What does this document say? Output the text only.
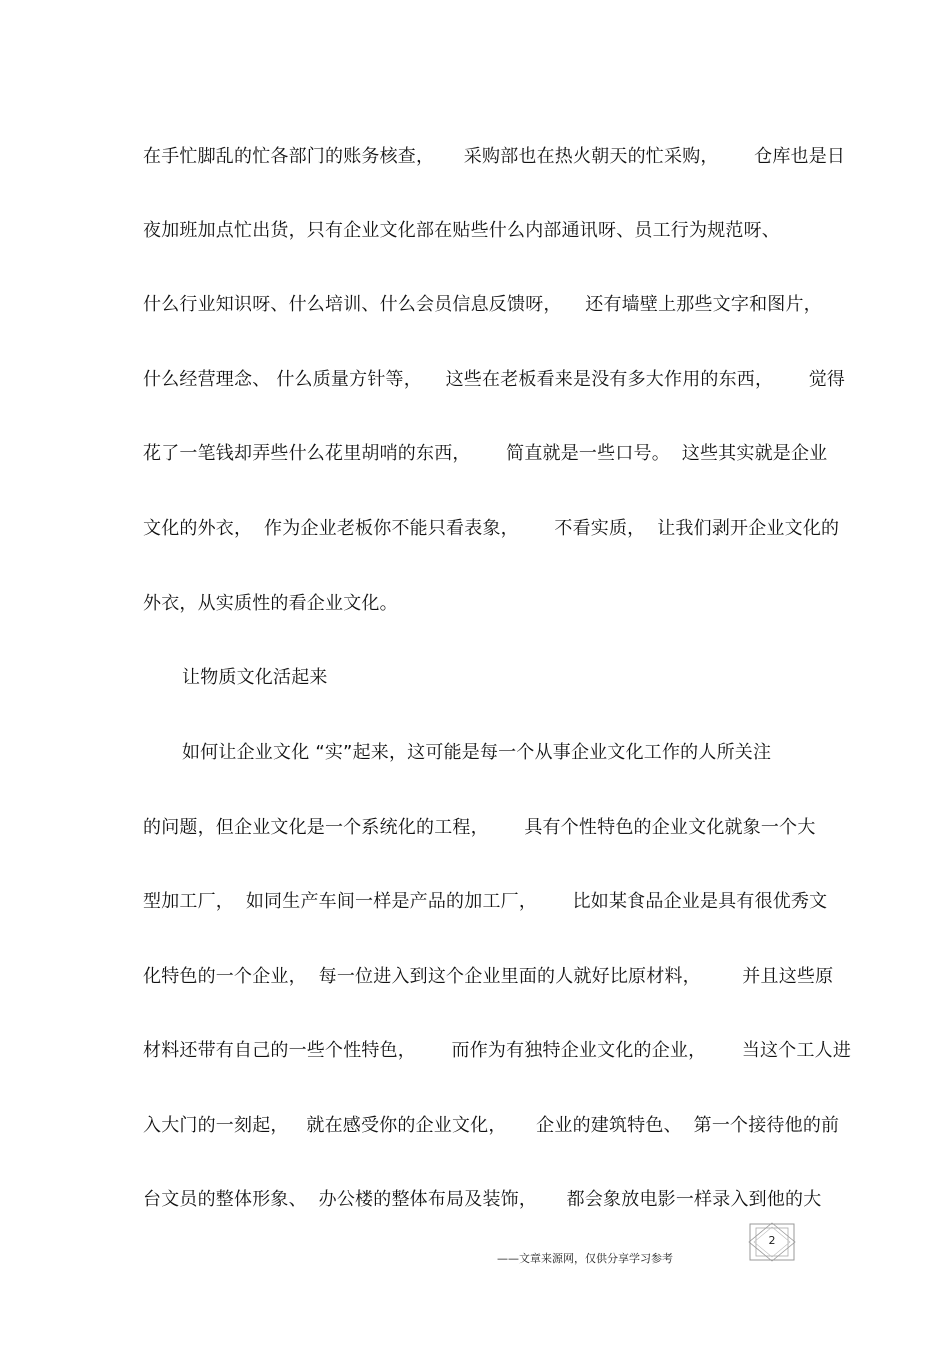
在手忙脚乱的忙各部门的账务核查，     采购部也在热火朝天的忙采购，      仓库也是日
夜加班加点忙出货，只有企业文化部在贴些什么内部通讯呀、员工行为规范呀、
什么行业知识呀、什么培训、什么会员信息反馈呀，    还有墙壁上那些文字和图片，
什么经营理念、 什么质量方针等，    这些在老板看来是没有多大作用的东西，      觉得
花了一笔钱却弄些什么花里胡哨的东西，      简直就是一些口号。  这些其实就是企业
文化的外衣，  作为企业老板你不能只看表象，      不看实质，  让我们剥开企业文化的
外衣，从实质性的看企业文化。
让物质文化活起来
如何让企业文化 “实”起来，这可能是每一个从事企业文化工作的人所关注
的问题，但企业文化是一个系统化的工程，      具有个性特色的企业文化就象一个大
型加工厂，  如同生产车间一样是产品的加工厂，      比如某食品企业是具有很优秀文
化特色的一个企业，  每一位进入到这个企业里面的人就好比原材料，       并且这些原
材料还带有自己的一些个性特色，      而作为有独特企业文化的企业，      当这个工人进
入大门的一刻起，   就在感受你的企业文化，     企业的建筑特色、  第一个接待他的前
台文员的整体形象、  办公楼的整体布局及装饰，     都会象放电影一样录入到他的大
——文章来源网，仅供分享学习参考
2
